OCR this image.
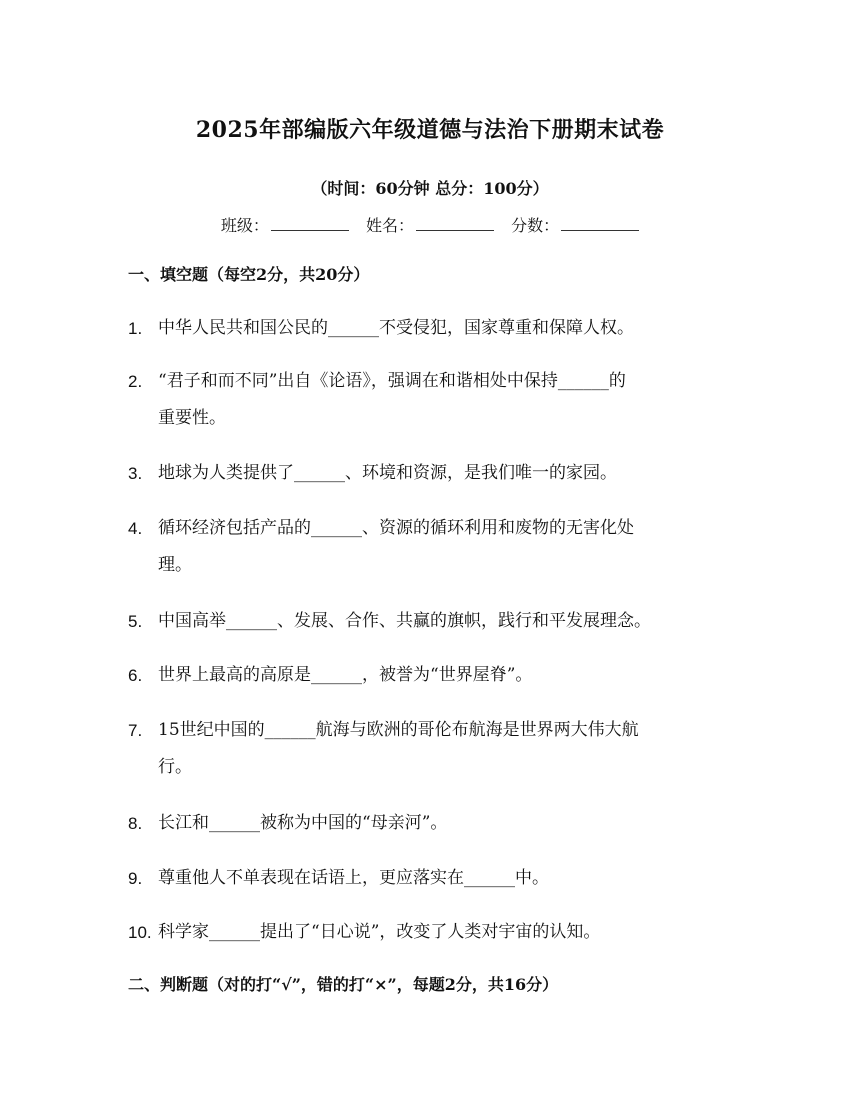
2025年部编版六年级道德与法治下册期末试卷
（时间：60分钟 总分：100分）
班级：	姓名：	分数：
一、填空题（每空2分，共20分）
1. 中华人民共和国公民的______不受侵犯，国家尊重和保障人权。
2. “君子和而不同”出自《论语》，强调在和谐相处中保持______的
重要性。
3. 地球为人类提供了______、环境和资源，是我们唯一的家园。
4. 循环经济包括产品的______、资源的循环利用和废物的无害化处
理。
5. 中国高举______、发展、合作、共赢的旗帜，践行和平发展理念。
6. 世界上最高的高原是______，被誉为“世界屋脊”。
7. 15世纪中国的______航海与欧洲的哥伦布航海是世界两大伟大航
行。
8. 长江和______被称为中国的“母亲河”。
9. 尊重他人不单表现在话语上，更应落实在______中。
10. 科学家______提出了“日心说”，改变了人类对宇宙的认知。
二、判断题（对的打“√”，错的打“×”，每题2分，共16分）
